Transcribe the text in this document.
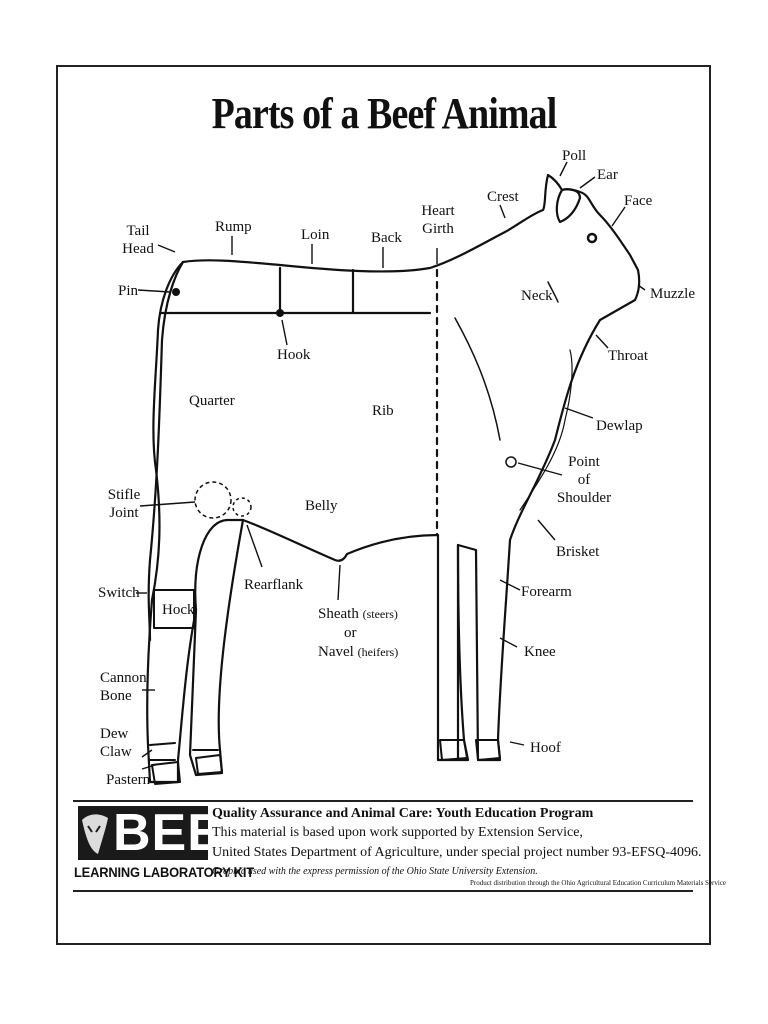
Parts of a Beef Animal
Poll
Ear
Face
Crest
Muzzle
Heart
Girth
Tail
Head
Rump	Loin	Back
Pin	Neck
Hook	Throat
Quarter
Rib
Dewlap
Point
of
Shoulder
Stifle
Joint	Belly
Brisket
Rearflank
Switch
Hock
Forearm
Sheath (steers)
or
Navel (heifers)	Knee
Cannon
Bone
Dew
Claw	Hoof
Pastern
BEEF
LEARNING LABORATORY KIT
Quality Assurance and Animal Care: Youth Education Program
This material is based upon work supported by Extension Service,
United States Department of Agriculture, under special project number 93-EFSQ-4096.
Graphic used with the express permission of the Ohio State University Extension.
Product distribution through the Ohio Agricultural Education Curriculum Materials Service
